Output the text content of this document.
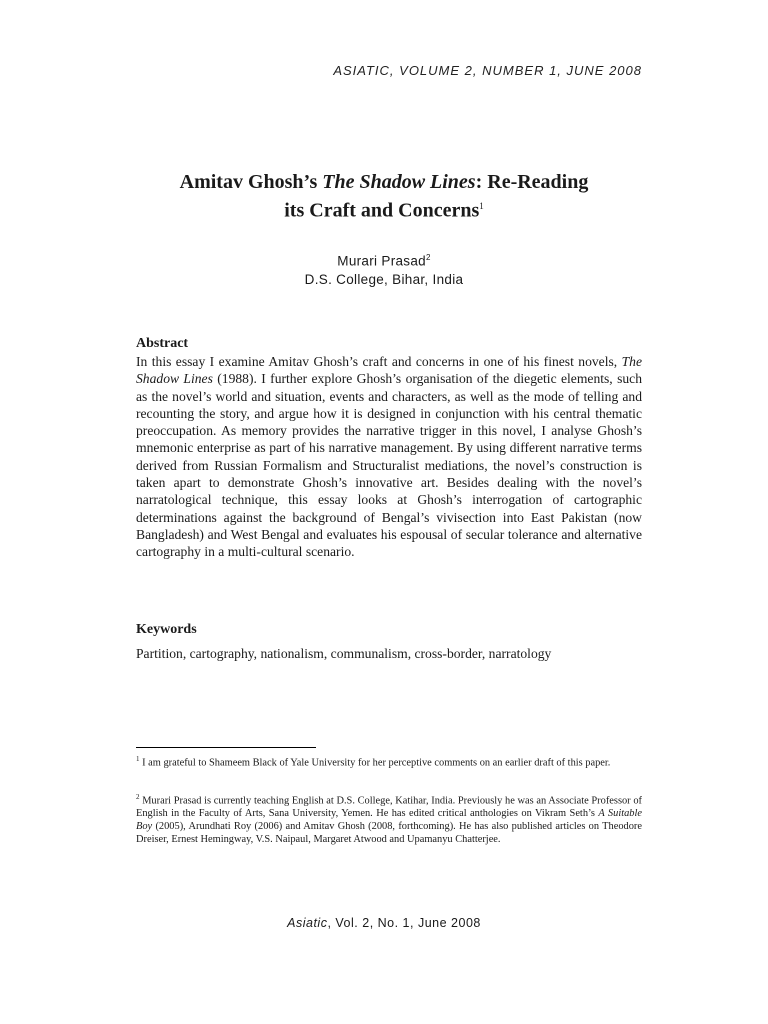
ASIATIC, VOLUME 2, NUMBER 1, JUNE 2008
Amitav Ghosh’s The Shadow Lines: Re-Reading
its Craft and Concerns$^1$
Murari Prasad$^2$
D.S. College, Bihar, India
Abstract

In this essay I examine Amitav Ghosh’s craft and concerns in one of his finest novels, The Shadow Lines (1988). I further explore Ghosh’s organisation of the diegetic elements, such as the novel’s world and situation, events and characters, as well as the mode of telling and recounting the story, and argue how it is designed in conjunction with his central thematic preoccupation. As memory provides the narrative trigger in this novel, I analyse Ghosh’s mnemonic enterprise as part of his narrative management. By using different narrative terms derived from Russian Formalism and Structuralist mediations, the novel’s construction is taken apart to demonstrate Ghosh’s innovative art. Besides dealing with the novel’s narratological technique, this essay looks at Ghosh’s interrogation of cartographic determinations against the background of Bengal’s vivisection into East Pakistan (now Bangladesh) and West Bengal and evaluates his espousal of secular tolerance and alternative cartography in a multi-cultural scenario.

Keywords

Partition, cartography, nationalism, communalism, cross-border, narratology

$^1$ I am grateful to Shameem Black of Yale University for her perceptive comments on an earlier draft of this paper.

$^2$ Murari Prasad is currently teaching English at D.S. College, Katihar, India. Previously he was an Associate Professor of English in the Faculty of Arts, Sana University, Yemen. He has edited critical anthologies on Vikram Seth’s A Suitable Boy (2005), Arundhati Roy (2006) and Amitav Ghosh (2008, forthcoming). He has also published articles on Theodore Dreiser, Ernest Hemingway, V.S. Naipaul, Margaret Atwood and Upamanyu Chatterjee.

Asiatic, Vol. 2, No. 1, June 2008
